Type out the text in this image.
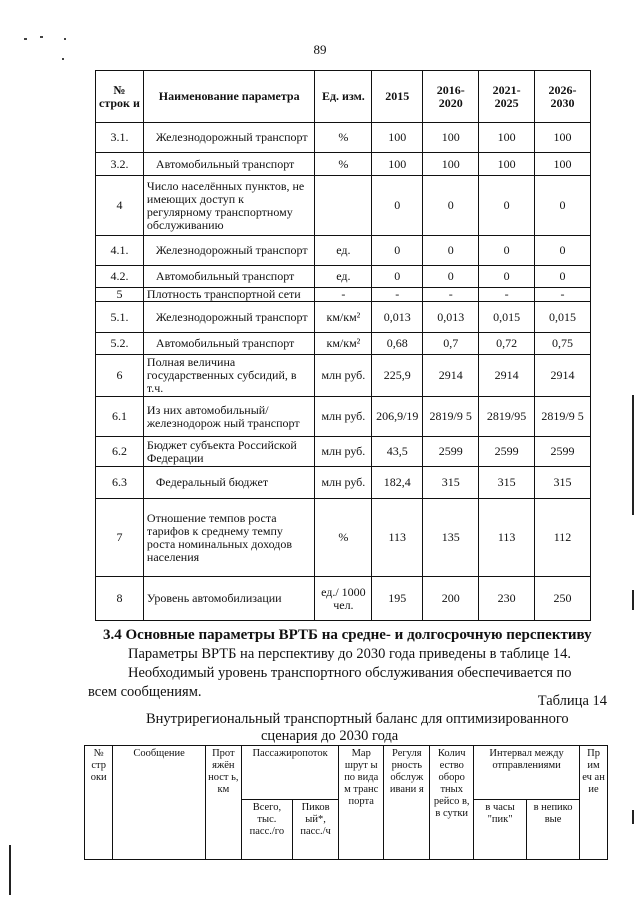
89
№ строк и	Наименование параметра	Ед. изм.	2015	2016-2020	2021-2025	2026-2030
3.1.	Железнодорожный транспорт	%	100	100	100	100
3.2.	Автомобильный транспорт	%	100	100	100	100
4	Число населённых пунктов, не имеющих доступ к регулярному транспортному обслуживанию		0	0	0	0
4.1.	Железнодорожный транспорт	ед.	0	0	0	0
4.2.	Автомобильный транспорт	ед.	0	0	0	0
5	Плотность транспортной сети	-	-	-	-	-
5.1.	Железнодорожный транспорт	км/км²	0,013	0,013	0,015	0,015
5.2.	Автомобильный транспорт	км/км²	0,68	0,7	0,72	0,75
6	Полная величина государственных субсидий, в т.ч.	млн руб.	225,9	2914	2914	2914
6.1	Из них автомобильный/железнодорож ный транспорт	млн руб.	206,9/19	2819/9 5	2819/95	2819/9 5
6.2	Бюджет субъекта Российской Федерации	млн руб.	43,5	2599	2599	2599
6.3	Федеральный бюджет	млн руб.	182,4	315	315	315
7	Отношение темпов роста тарифов к среднему темпу роста номинальных доходов населения	%	113	135	113	112
8	Уровень автомобилизации	ед./ 1000 чел.	195	200	230	250
3.4 Основные параметры ВРТБ на средне- и долгосрочную перспективу
Параметры ВРТБ на перспективу до 2030 года приведены в таблице 14.
Необходимый уровень транспортного обслуживания обеспечивается по
всем сообщениям.
Таблица 14
Внутрирегиональный транспортный баланс для оптимизированного
сценария до 2030 года
№ стр оки	Сообщение	Прот яжён ност ь, км	Пассажиропоток		Мар шрут ы по вида м транс порта	Регуля рность обслуж ивани я	Колич ество оборо тных рейсо в, в сутки	Интервал между отправлениями		Пр им еч ан ие
			Всего, тыс. пасс./го	Пиков ый*, пасс./ч				в часы "пик"	в непико вые	
